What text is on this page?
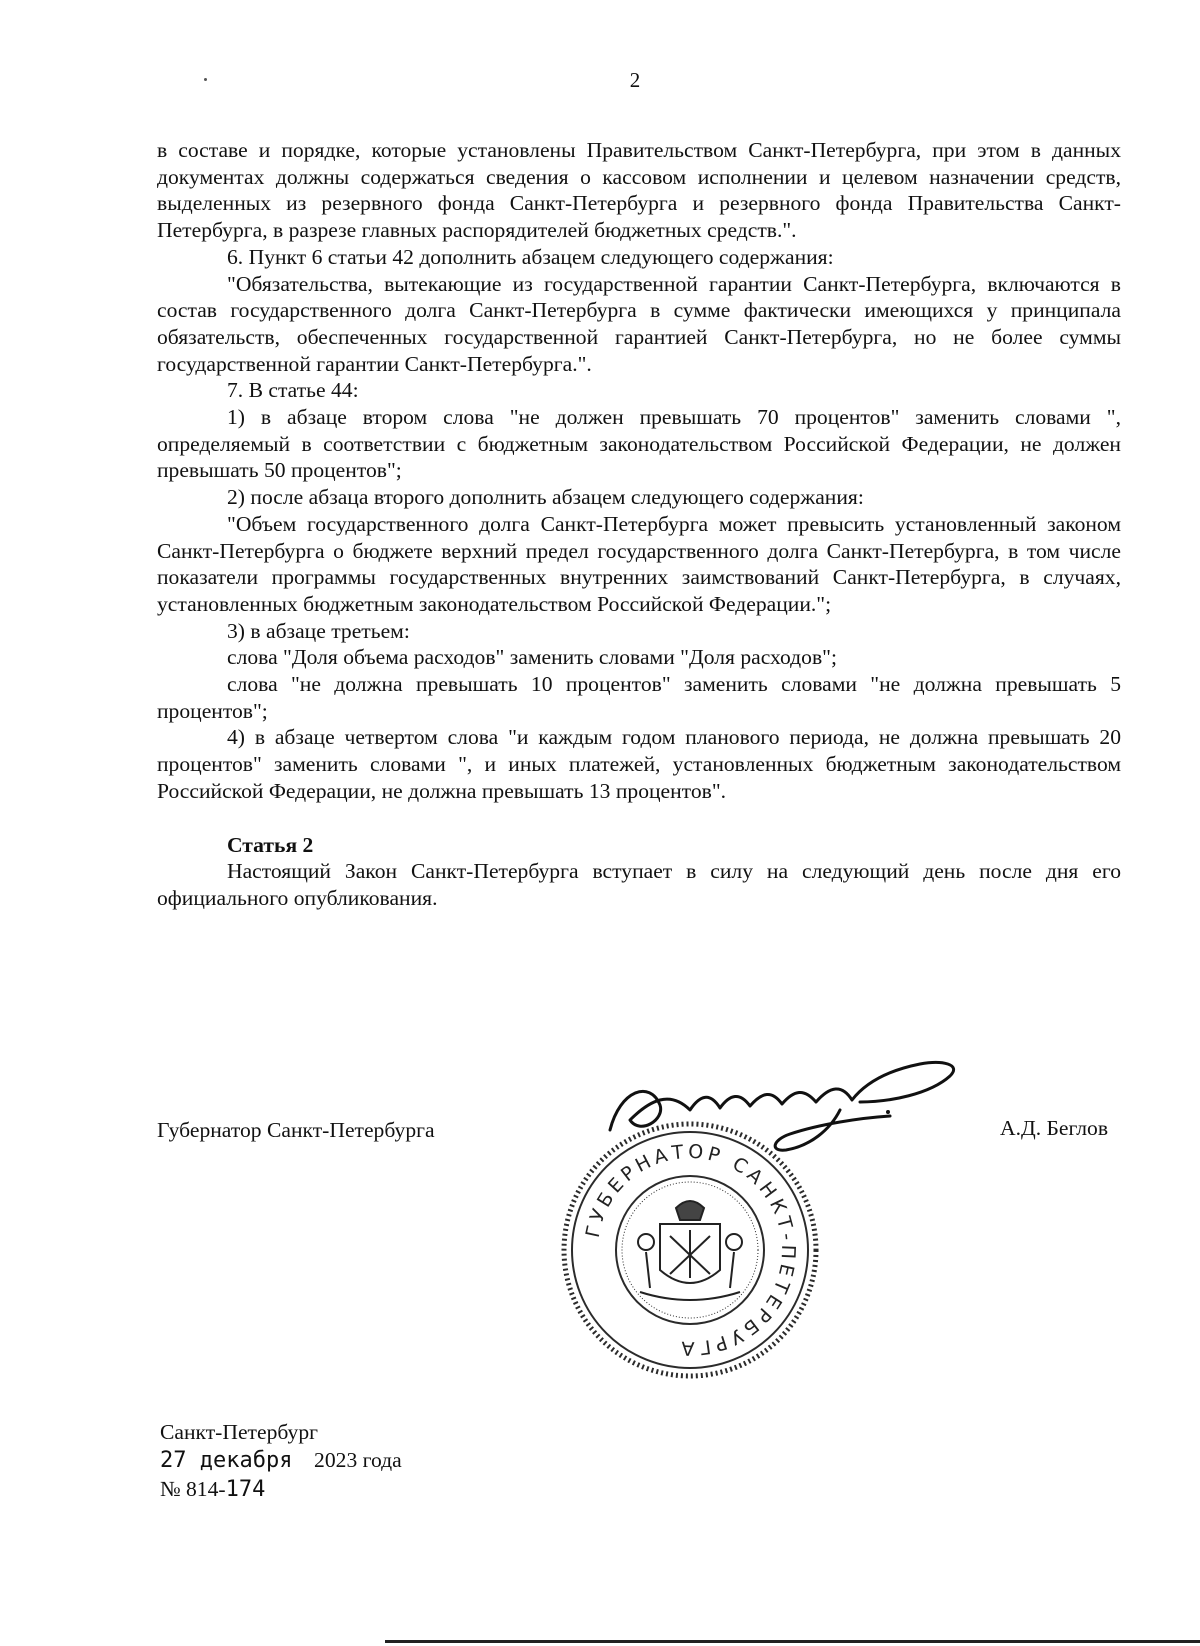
2

в составе и порядке, которые установлены Правительством Санкт-Петербурга, при этом в данных документах должны содержаться сведения о кассовом исполнении и целевом назначении средств, выделенных из резервного фонда Санкт-Петербурга и резервного фонда Правительства Санкт-Петербурга, в разрезе главных распорядителей бюджетных средств.".

6. Пункт 6 статьи 42 дополнить абзацем следующего содержания:

"Обязательства, вытекающие из государственной гарантии Санкт-Петербурга, включаются в состав государственного долга Санкт-Петербурга в сумме фактически имеющихся у принципала обязательств, обеспеченных государственной гарантией Санкт-Петербурга, но не более суммы государственной гарантии Санкт-Петербурга.".

7. В статье 44:

1) в абзаце втором слова "не должен превышать 70 процентов" заменить словами ", определяемый в соответствии с бюджетным законодательством Российской Федерации, не должен превышать 50 процентов";

2) после абзаца второго дополнить абзацем следующего содержания:

"Объем государственного долга Санкт-Петербурга может превысить установленный законом Санкт-Петербурга о бюджете верхний предел государственного долга Санкт-Петербурга, в том числе показатели программы государственных внутренних заимствований Санкт-Петербурга, в случаях, установленных бюджетным законодательством Российской Федерации.";

3) в абзаце третьем:

слова "Доля объема расходов" заменить словами "Доля расходов";

слова "не должна превышать 10 процентов" заменить словами "не должна превышать 5 процентов";

4) в абзаце четвертом слова "и каждым годом планового периода, не должна превышать 20 процентов" заменить словами ", и иных платежей, установленных бюджетным законодательством Российской Федерации, не должна превышать 13 процентов".

Статья 2

Настоящий Закон Санкт-Петербурга вступает в силу на следующий день после дня его официального опубликования.

Губернатор Санкт-Петербурга	А.Д. Беглов
ГУБЕРНАТОР САНКТ-ПЕТЕРБУРГА
Санкт-Петербург
27 декабря 2023 года
№ 814-174
